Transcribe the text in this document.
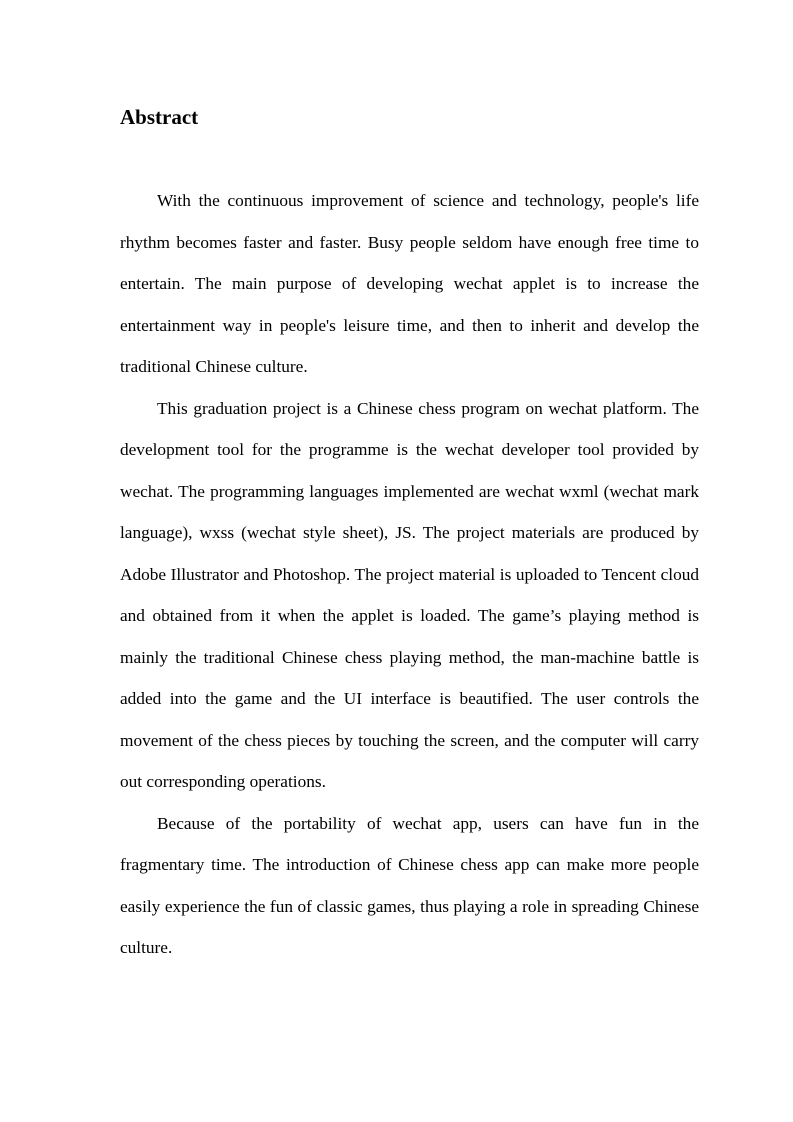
Abstract

With the continuous improvement of science and technology, people's life rhythm becomes faster and faster. Busy people seldom have enough free time to entertain. The main purpose of developing wechat applet is to increase the entertainment way in people's leisure time, and then to inherit and develop the traditional Chinese culture.

This graduation project is a Chinese chess program on wechat platform. The development tool for the programme is the wechat developer tool provided by wechat. The programming languages implemented are wechat wxml (wechat mark language), wxss (wechat style sheet), JS. The project materials are produced by Adobe Illustrator and Photoshop. The project material is uploaded to Tencent cloud and obtained from it when the applet is loaded. The game’s playing method is mainly the traditional Chinese chess playing method, the man-machine battle is added into the game and the UI interface is beautified. The user controls the movement of the chess pieces by touching the screen, and the computer will carry out corresponding operations.

Because of the portability of wechat app, users can have fun in the fragmentary time. The introduction of Chinese chess app can make more people easily experience the fun of classic games, thus playing a role in spreading Chinese culture.
